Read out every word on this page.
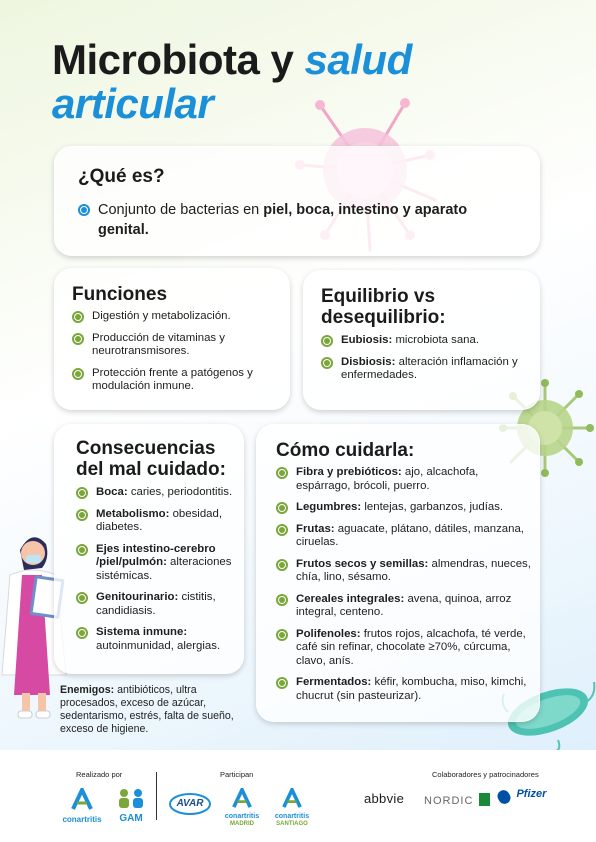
Microbiota y salud
articular
¿Qué es?
Conjunto de bacterias en piel, boca, intestino y aparato genital.
Funciones
Digestión y metabolización.
Producción de vitaminas y neurotransmisores.
Protección frente a patógenos y modulación inmune.
Equilibrio vs desequilibrio:
Eubiosis: microbiota sana.
Disbiosis: alteración inflamación y enfermedades.
Consecuencias del mal cuidado:
Boca: caries, periodontitis.
Metabolismo: obesidad, diabetes.
Ejes intestino-cerebro /piel/pulmón: alteraciones sistémicas.
Genitourinario: cistitis, candidiasis.
Sistema inmune: autoinmunidad, alergias.
Enemigos: antibióticos, ultra procesados, exceso de azúcar, sedentarismo, estrés, falta de sueño, exceso de higiene.
Cómo cuidarla:
Fibra y prebióticos: ajo, alcachofa, espárrago, brócoli, puerro.
Legumbres: lentejas, garbanzos, judías.
Frutas: aguacate, plátano, dátiles, manzana, ciruelas.
Frutos secos y semillas: almendras, nueces, chía, lino, sésamo.
Cereales integrales: avena, quinoa, arroz integral, centeno.
Polifenoles: frutos rojos, alcachofa, té verde, café sin refinar, chocolate ≥70%, cúrcuma, clavo, anís.
Fermentados: kéfir, kombucha, miso, kimchi, chucrut (sin pasteurizar).
Realizado por	Participan	Colaboradores y patrocinadores
conartritis	GAM
AVAR
conartritis
MADRID
conartritis
SANTIAGO
abbvie NORDIC
$^{Pfizer}$
